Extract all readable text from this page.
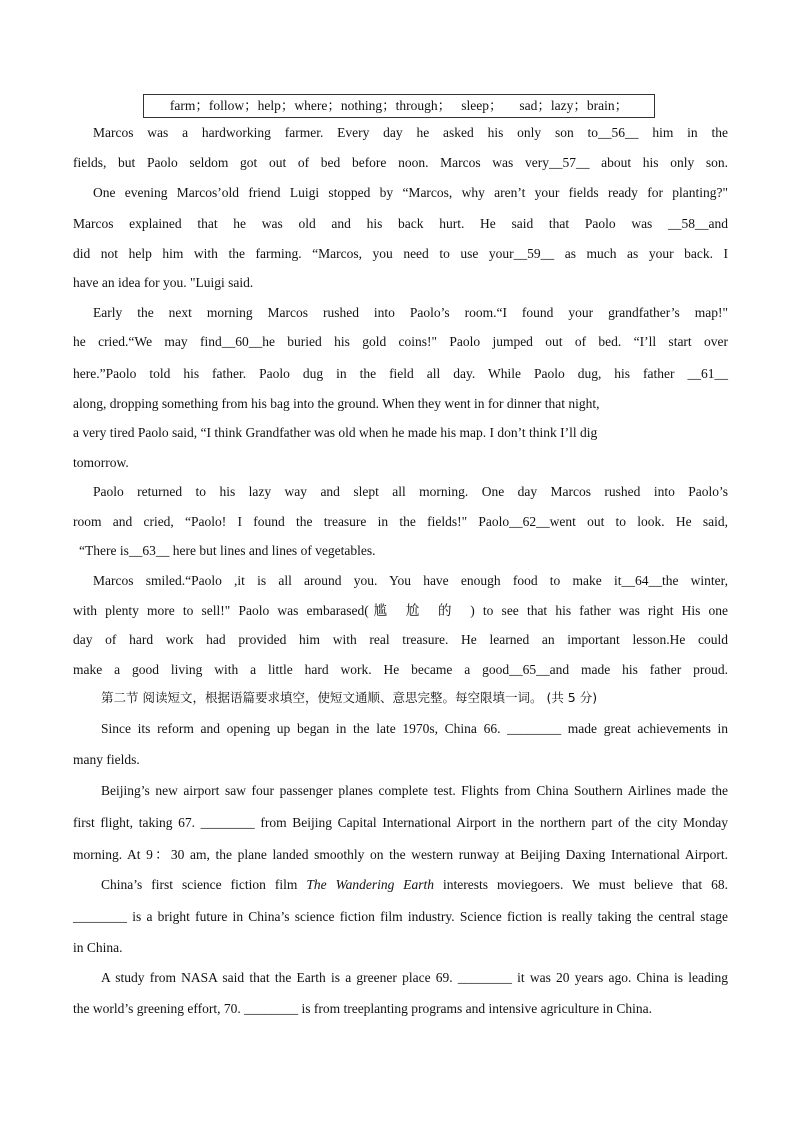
farm；follow；help；where；nothing；through；   sleep；     sad；lazy；brain；
Marcos was a hardworking farmer. Every day he asked his only son to__56__ him in the
fields, but Paolo seldom got out of bed before noon. Marcos was very__57__ about his only son.
One evening Marcos’old friend Luigi stopped by “Marcos, why aren’t your fields ready for planting?"
Marcos explained that he was old and his back hurt. He said that Paolo was __58__and
did not help him with the farming. “Marcos, you need to use your__59__ as much as your back. I
have an idea for you. "Luigi said.
Early the next morning Marcos rushed into Paolo’s room.“I found your grandfather’s map!"
he cried.“We may find__60__he buried his gold coins!" Paolo jumped out of bed. “I’ll start over
here.”Paolo told his father. Paolo dug in the field all day. While Paolo dug, his father __61__
along, dropping something from his bag into the ground. When they went in for dinner that night,
a very tired Paolo said, “I think Grandfather was old when he made his map. I don’t think I’ll dig
tomorrow.
Paolo returned to his lazy way and slept all morning. One day Marcos rushed into Paolo’s
room and cried, “Paolo! I found the treasure in the fields!" Paolo__62__went out to look. He said,
“There is__63__ here but lines and lines of vegetables.
Marcos smiled.“Paolo ,it is all around you. You have enough food to make it__64__the winter,
with plenty more to sell!" Paolo was embarased(尴尬的) to see that his father was right His one
day of hard work had provided him with real treasure. He learned an important lesson.He could
make a good living with a little hard work. He became a good__65__and made his father proud.
第二节 阅读短文，根据语篇要求填空，使短文通顺、意思完整。每空限填一词。 (共 5 分)
Since its reform and opening up began in the late 1970s, China 66. ________ made great achievements in
many fields.
Beijing’s new airport saw four passenger planes complete test. Flights from China Southern Airlines made the
first flight, taking 67. ________ from Beijing Capital International Airport in the northern part of the city Monday
morning. At 9：30 am, the plane landed smoothly on the western runway at Beijing Daxing International Airport.
China’s first science fiction film The Wandering Earth interests moviegoers. We must believe that 68.
________ is a bright future in China’s science fiction film industry. Science fiction is really taking the central stage
in China.
A study from NASA said that the Earth is a greener place 69. ________ it was 20 years ago. China is leading
the world’s greening effort, 70. ________ is from treeplanting programs and intensive agriculture in China.
